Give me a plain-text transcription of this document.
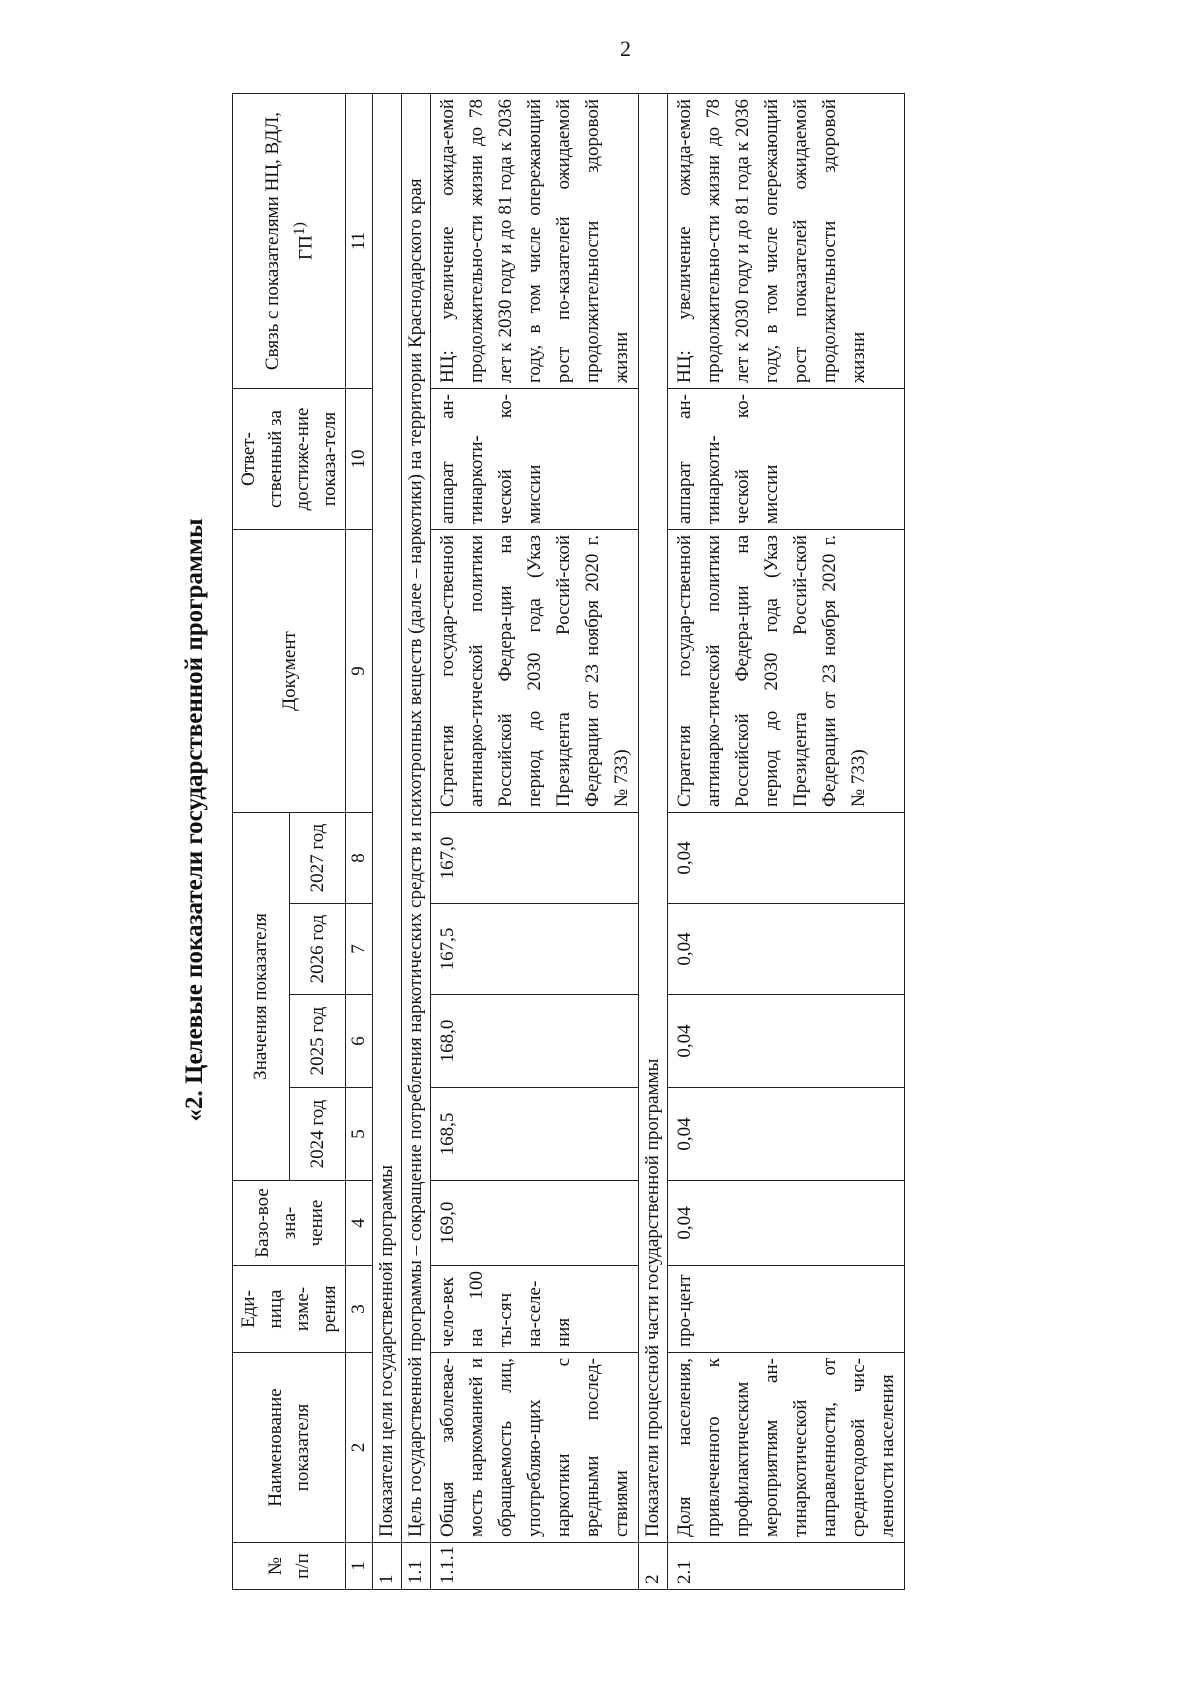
2
«2. Целевые показатели государственной программы
№ п/п	Наименование показателя	Еди-ница изме-рения	Базо-вое зна-чение	Значения показателя				Документ	Ответ-ственный за достиже-ние показа-теля	Связь с показателями НЦ, ВДЛ, ГП$^{1)}$
				2024 год	2025 год	2026 год	2027 год			
1	2	3	4	5	6	7	8	9	10	11
1	Показатели цели государственной программы									
1.1	Цель государственной программы – сокращение потребления наркотических средств и психотропных веществ (далее – наркотики) на территории Краснодарского края									
1.1.1	Общая заболевае-мость наркоманией и обращаемость лиц, употребляю-щих наркотики с вредными послед-ствиями	чело-век на 100 ты-сяч на-селе-ния	169,0	168,5	168,0	167,5	167,0	Стратегия государ-ственной антинарко-тической политики Российской Федера-ции на период до 2030 года (Указ Президента Россий-ской Федерации от 23 ноября 2020 г. № 733)	аппарат ан-тинаркоти-ческой ко-миссии	НЦ: увеличение ожида-емой продолжительно-сти жизни до 78 лет к 2030 году и до 81 года к 2036 году, в том числе опережающий рост по-казателей ожидаемой продолжительности здоровой жизни
2	Показатели процессной части государственной программы									
2.1	Доля населения, привлеченного к профилактическим мероприятиям ан-тинаркотической направленности, от среднегодовой чис-ленности населения	про-цент	0,04	0,04	0,04	0,04	0,04	Стратегия государ-ственной антинарко-тической политики Российской Федера-ции на период до 2030 года (Указ Президента Россий-ской Федерации от 23 ноября 2020 г. № 733)	аппарат ан-тинаркоти-ческой ко-миссии	НЦ: увеличение ожида-емой продолжительно-сти жизни до 78 лет к 2030 году и до 81 года к 2036 году, в том числе опережающий рост показателей ожидаемой продолжительности здоровой жизни
